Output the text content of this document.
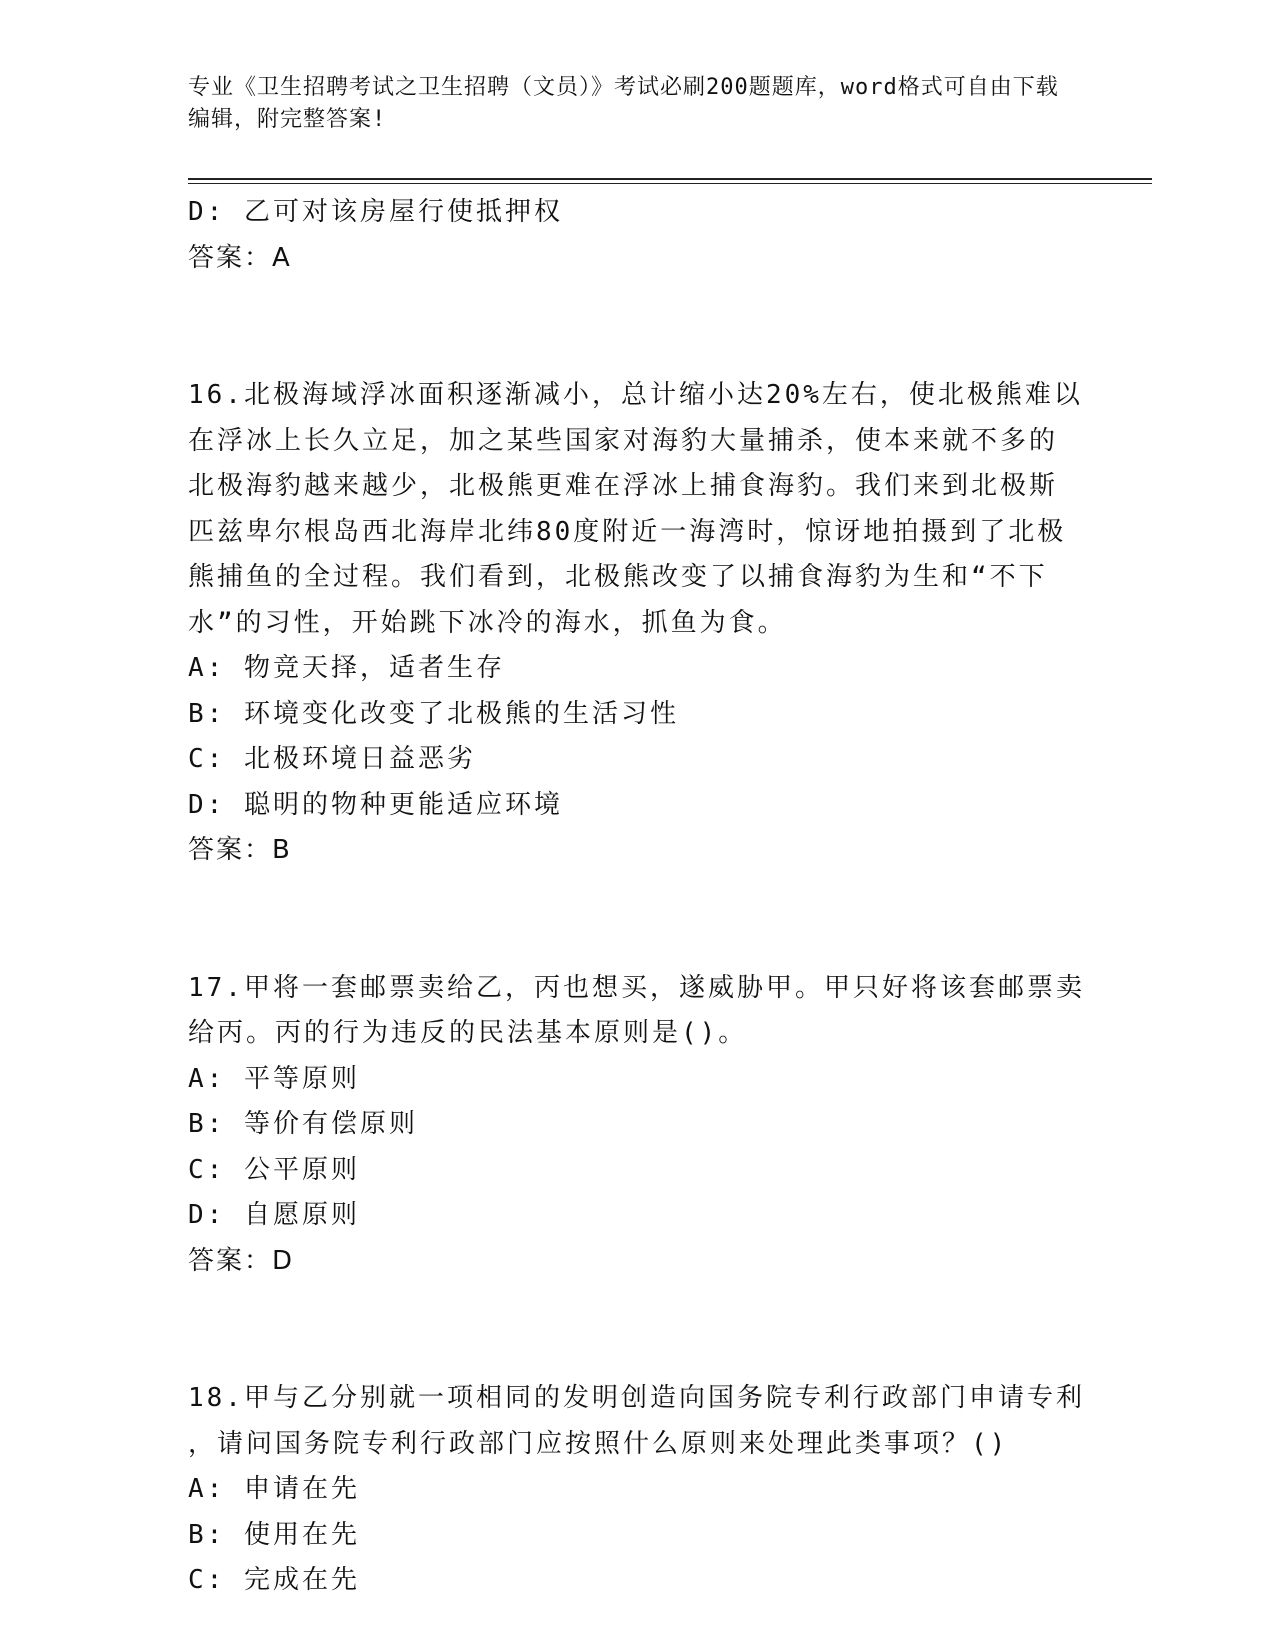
专业《卫生招聘考试之卫生招聘（文员）》考试必刷200题题库，word格式可自由下载编辑，附完整答案!
D: 乙可对该房屋行使抵押权
答案：A
16.北极海域浮冰面积逐渐减小，总计缩小达20%左右，使北极熊难以
在浮冰上长久立足，加之某些国家对海豹大量捕杀，使本来就不多的
北极海豹越来越少，北极熊更难在浮冰上捕食海豹。我们来到北极斯
匹兹卑尔根岛西北海岸北纬80度附近一海湾时，惊讶地拍摄到了北极
熊捕鱼的全过程。我们看到，北极熊改变了以捕食海豹为生和“不下
水”的习性，开始跳下冰冷的海水，抓鱼为食。
A: 物竞天择，适者生存
B: 环境变化改变了北极熊的生活习性
C: 北极环境日益恶劣
D: 聪明的物种更能适应环境
答案：B
17.甲将一套邮票卖给乙，丙也想买，遂威胁甲。甲只好将该套邮票卖
给丙。丙的行为违反的民法基本原则是()。
A: 平等原则
B: 等价有偿原则
C: 公平原则
D: 自愿原则
答案：D
18.甲与乙分别就一项相同的发明创造向国务院专利行政部门申请专利
，请问国务院专利行政部门应按照什么原则来处理此类事项？()
A: 申请在先
B: 使用在先
C: 完成在先
